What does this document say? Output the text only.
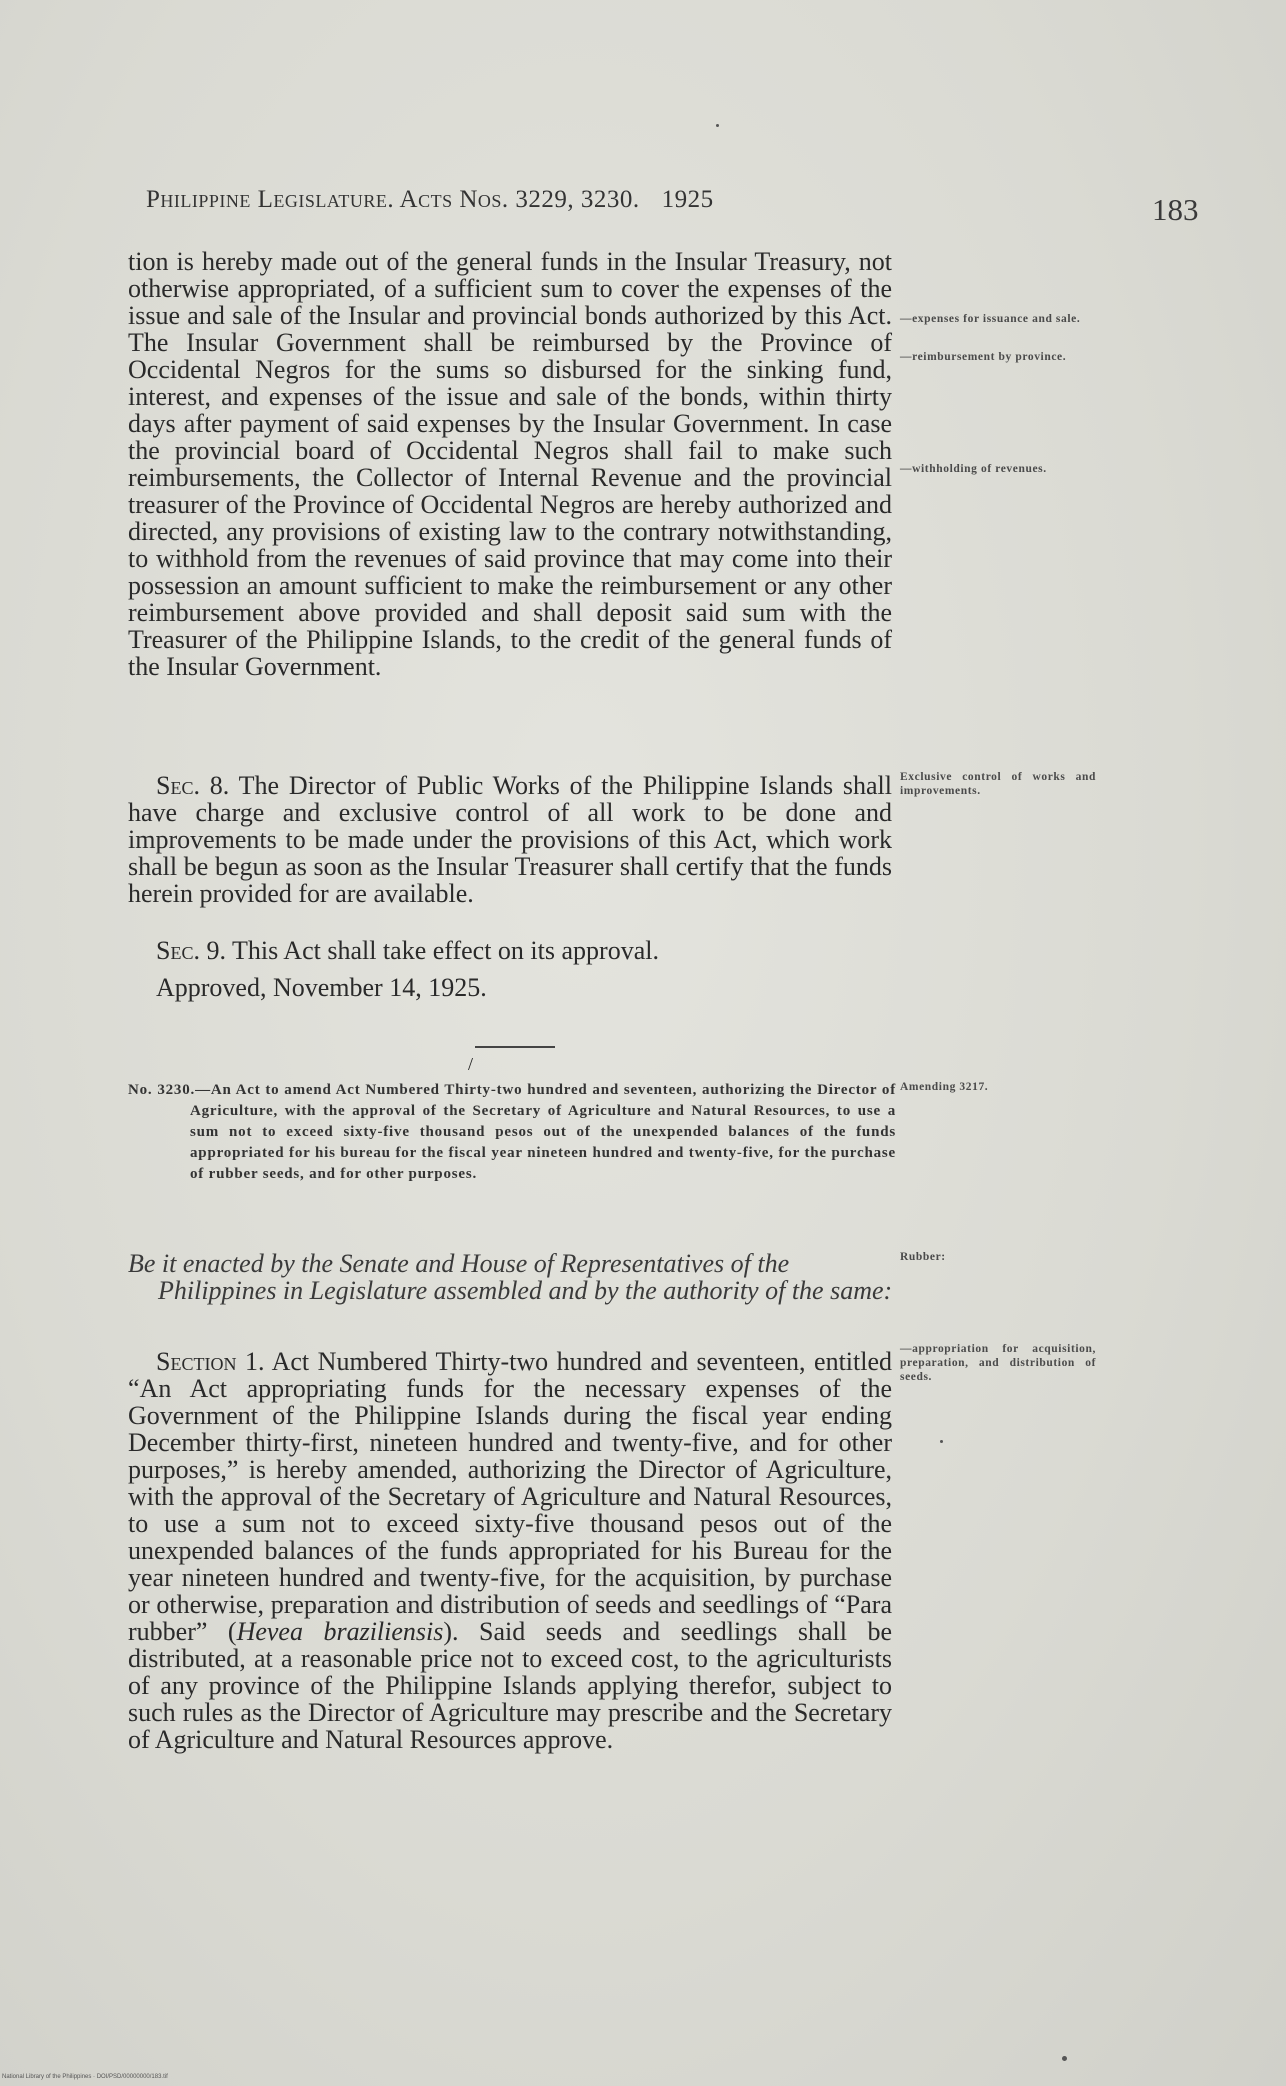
Philippine Legislature. Acts Nos. 3229, 3230. 1925	183

tion is hereby made out of the general funds in the Insular Treasury, not otherwise appropriated, of a sufficient sum to cover the expenses of the issue and sale of the Insular and provincial bonds authorized by this Act. The Insular Government shall be reimbursed by the Province of Occidental Negros for the sums so disbursed for the sinking fund, interest, and expenses of the issue and sale of the bonds, within thirty days after payment of said expenses by the Insular Government. In case the provincial board of Occidental Negros shall fail to make such reimbursements, the Collector of Internal Revenue and the provincial treasurer of the Province of Occidental Negros are hereby authorized and directed, any provisions of existing law to the contrary notwithstanding, to withhold from the revenues of said province that may come into their possession an amount sufficient to make the reimbursement or any other reimbursement above provided and shall deposit said sum with the Treasurer of the Philippine Islands, to the credit of the general funds of the Insular Government.

Sec. 8. The Director of Public Works of the Philippine Islands shall have charge and exclusive control of all work to be done and improvements to be made under the provisions of this Act, which work shall be begun as soon as the Insular Treasurer shall certify that the funds herein provided for are available.
Sec. 9. This Act shall take effect on its approval.
Approved, November 14, 1925.
/
No. 3230.—An Act to amend Act Numbered Thirty-two hundred and seventeen, authorizing the Director of Agriculture, with the approval of the Secretary of Agriculture and Natural Resources, to use a sum not to exceed sixty-five thousand pesos out of the unexpended balances of the funds appropriated for his bureau for the fiscal year nineteen hundred and twenty-five, for the purchase of rubber seeds, and for other purposes.
Be it enacted by the Senate and House of Representatives of the Philippines in Legislature assembled and by the authority of the same:
Section 1. Act Numbered Thirty-two hundred and seventeen, entitled “An Act appropriating funds for the necessary expenses of the Government of the Philippine Islands during the fiscal year ending December thirty-first, nineteen hundred and twenty-five, and for other purposes,” is hereby amended, authorizing the Director of Agriculture, with the approval of the Secretary of Agriculture and Natural Resources, to use a sum not to exceed sixty-five thousand pesos out of the unexpended balances of the funds appropriated for his Bureau for the year nineteen hundred and twenty-five, for the acquisition, by purchase or otherwise, preparation and distribution of seeds and seedlings of “Para rubber” (Hevea braziliensis). Said seeds and seedlings shall be distributed, at a reasonable price not to exceed cost, to the agriculturists of any province of the Philippine Islands applying therefor, subject to such rules as the Director of Agriculture may prescribe and the Secretary of Agriculture and Natural Resources approve.
—expenses for issuance and sale.
—reimbursement by province.
—withholding of revenues.
Exclusive control of works and improvements.
Amending 3217.
Rubber:
—appropriation for acquisition, preparation, and distribution of seeds.
National Library of the Philippines · DOI/PSD/00000000/183.tif
